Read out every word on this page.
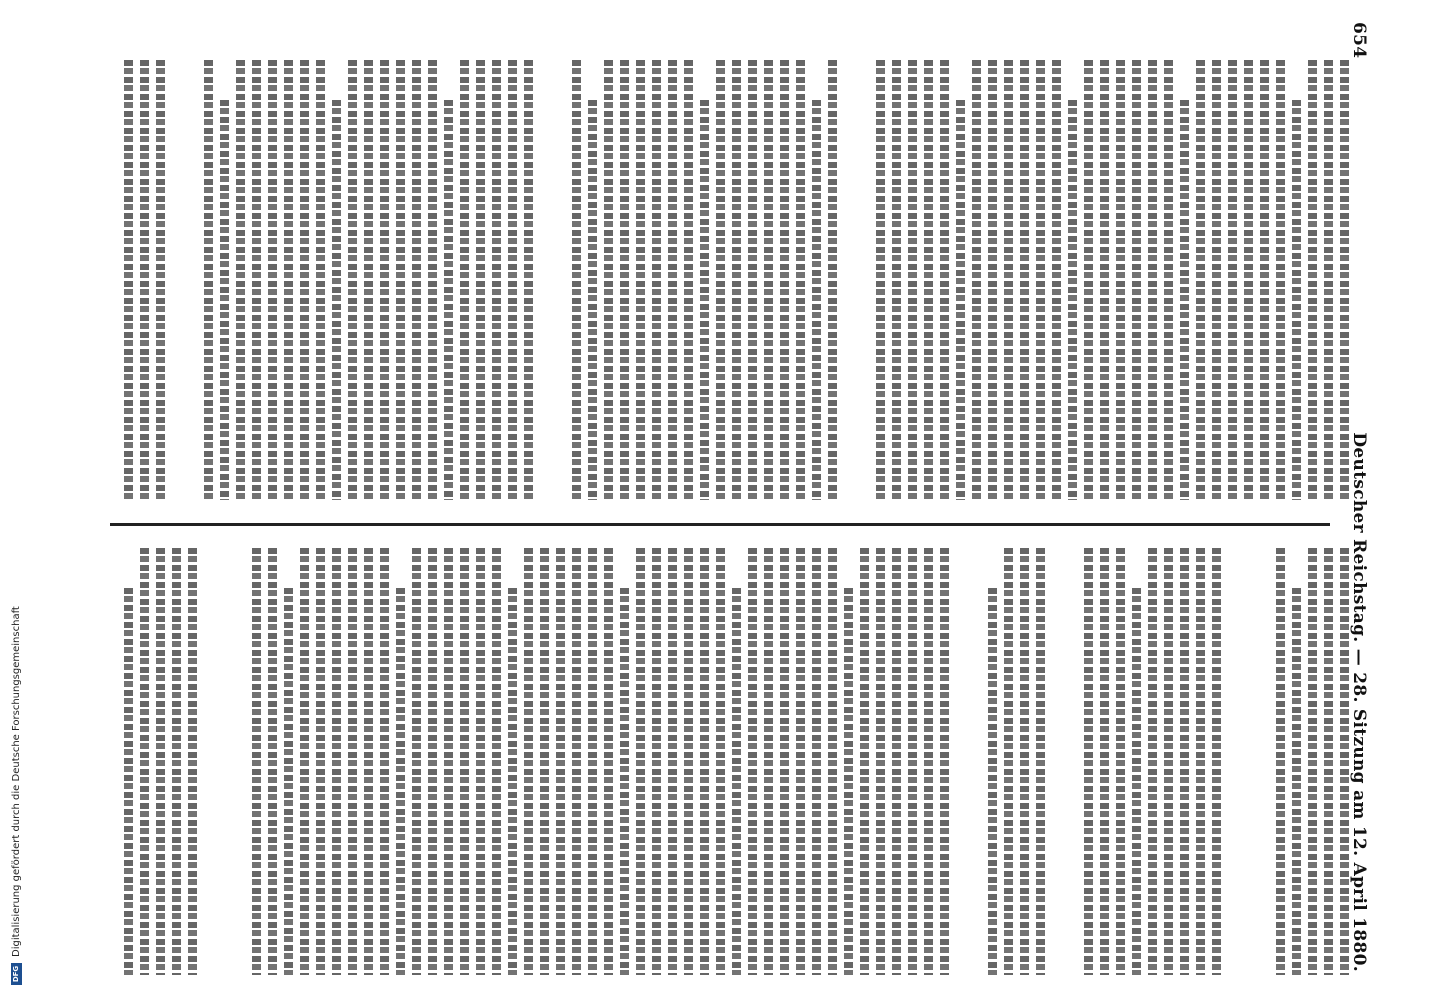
654
Deutscher Reichstag. — 28. Sitzung am 12. April 1880.
DFG
Digitalisierung gefördert durch die Deutsche Forschungsgemeinschaft
